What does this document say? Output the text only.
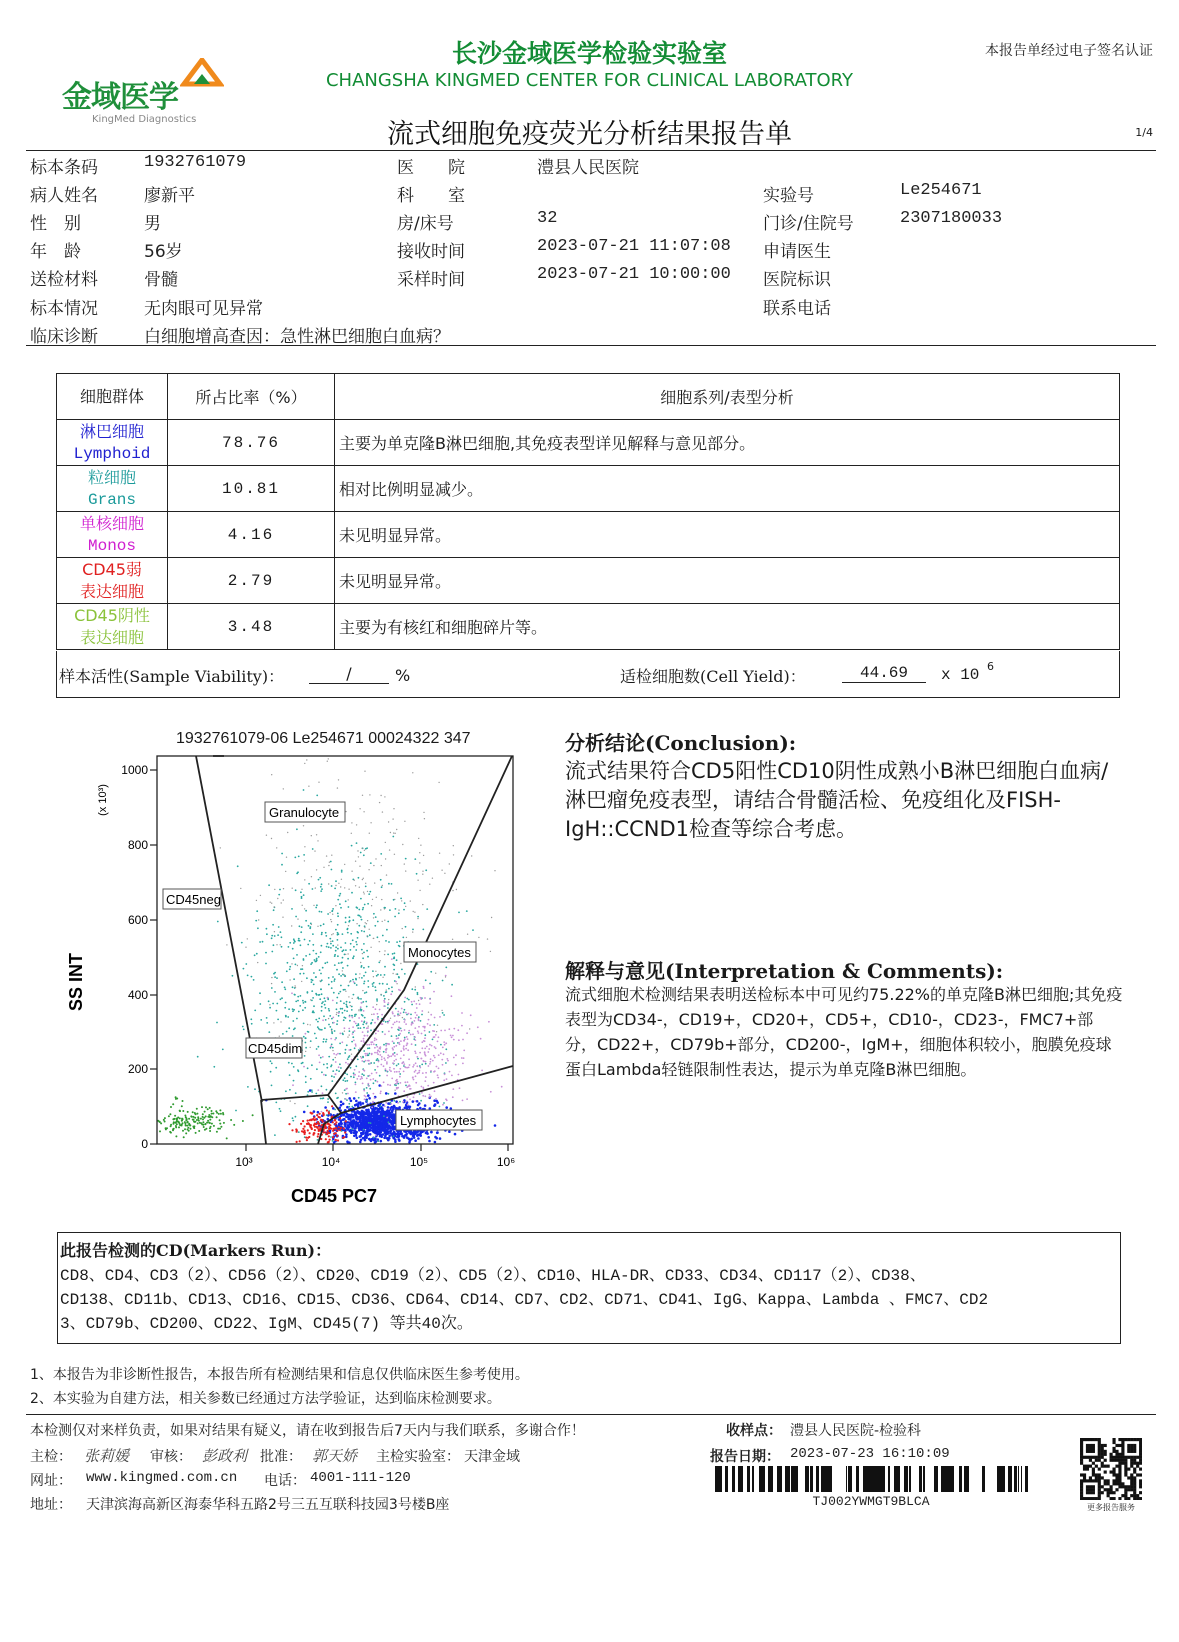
金域医学
KingMed Diagnostics
长沙金域医学检验实验室
CHANGSHA KINGMED CENTER FOR CLINICAL LABORATORY
本报告单经过电子签名认证
流式细胞免疫荧光分析结果报告单	1/4
标本条码	1932761079
病人姓名	廖新平
性　别	男
年　龄	56岁
送检材料	骨髓
标本情况	无肉眼可见异常
临床诊断	白细胞增高查因：急性淋巴细胞白血病？
医　　院	澧县人民医院
科　　室
房/床号	32
接收时间	2023-07-21 11:07:08
采样时间	2023-07-21 10:00:00
实验号	Le254671
门诊/住院号	2307180033
申请医生
医院标识
联系电话
细胞群体	所占比率（%）	细胞系列/表型分析

淋巴细胞
Lymphoid	78.76	主要为单克隆B淋巴细胞,其免疫表型详见解释与意见部分。

粒细胞
Grans	10.81	相对比例明显减少。

单核细胞
Monos	4.16	未见明显异常。

CD45弱
表达细胞	2.79	未见明显异常。

CD45阴性
表达细胞	3.48	主要为有核红和细胞碎片等。
样本活性(Sample Viability)：	/	%	适检细胞数(Cell Yield)：	44.69	x 10 6
1932761079-06 Le254671 00024322 347
Granulocyte
CD45neg
Monocytes
CD45dim
Lymphocytes
1000
800
600
400
200
0
10³	10⁴	10⁵	10⁶
SS INT
(x 10³)
CD45 PC7
分析结论(Conclusion):
流式结果符合CD5阳性CD10阴性成熟小B淋巴细胞白血病/淋巴瘤免疫表型，请结合骨髓活检、免疫组化及FISH-IgH::CCND1检查等综合考虑。
解释与意见(Interpretation & Comments):
流式细胞术检测结果表明送检标本中可见约75.22%的单克隆B淋巴细胞;其免疫表型为CD34-，CD19+，CD20+，CD5+，CD10-，CD23-，FMC7+部分，CD22+，CD79b+部分，CD200-，IgM+，细胞体积较小，胞膜免疫球蛋白Lambda轻链限制性表达，提示为单克隆B淋巴细胞。
此报告检测的CD(Markers Run)：
CD8、CD4、CD3（2）、CD56（2）、CD20、CD19（2）、CD5（2）、CD10、HLA-DR、CD33、CD34、CD117（2）、CD38、
CD138、CD11b、CD13、CD16、CD15、CD36、CD64、CD14、CD7、CD2、CD71、CD41、IgG、Kappa、Lambda 、FMC7、CD2
3、CD79b、CD200、CD22、IgM、CD45(7) 等共40次。
1、本报告为非诊断性报告，本报告所有检测结果和信息仅供临床医生参考使用。
2、本实验为自建方法，相关参数已经通过方法学验证，达到临床检测要求。
本检测仅对来样负责，如果对结果有疑义，请在收到报告后7天内与我们联系，多谢合作！	收样点： 澧县人民医院-检验科
主检： 张莉媛 审核： 彭政利 批准： 郭天娇 主检实验室： 天津金域	报告日期： 2023-07-23 16:10:09
网址： www.kingmed.com.cn 电话： 4001-111-120
地址： 天津滨海高新区海泰华科五路2号三五互联科技园3号楼B座	TJ002YWMGT9BLCA	更多报告服务
